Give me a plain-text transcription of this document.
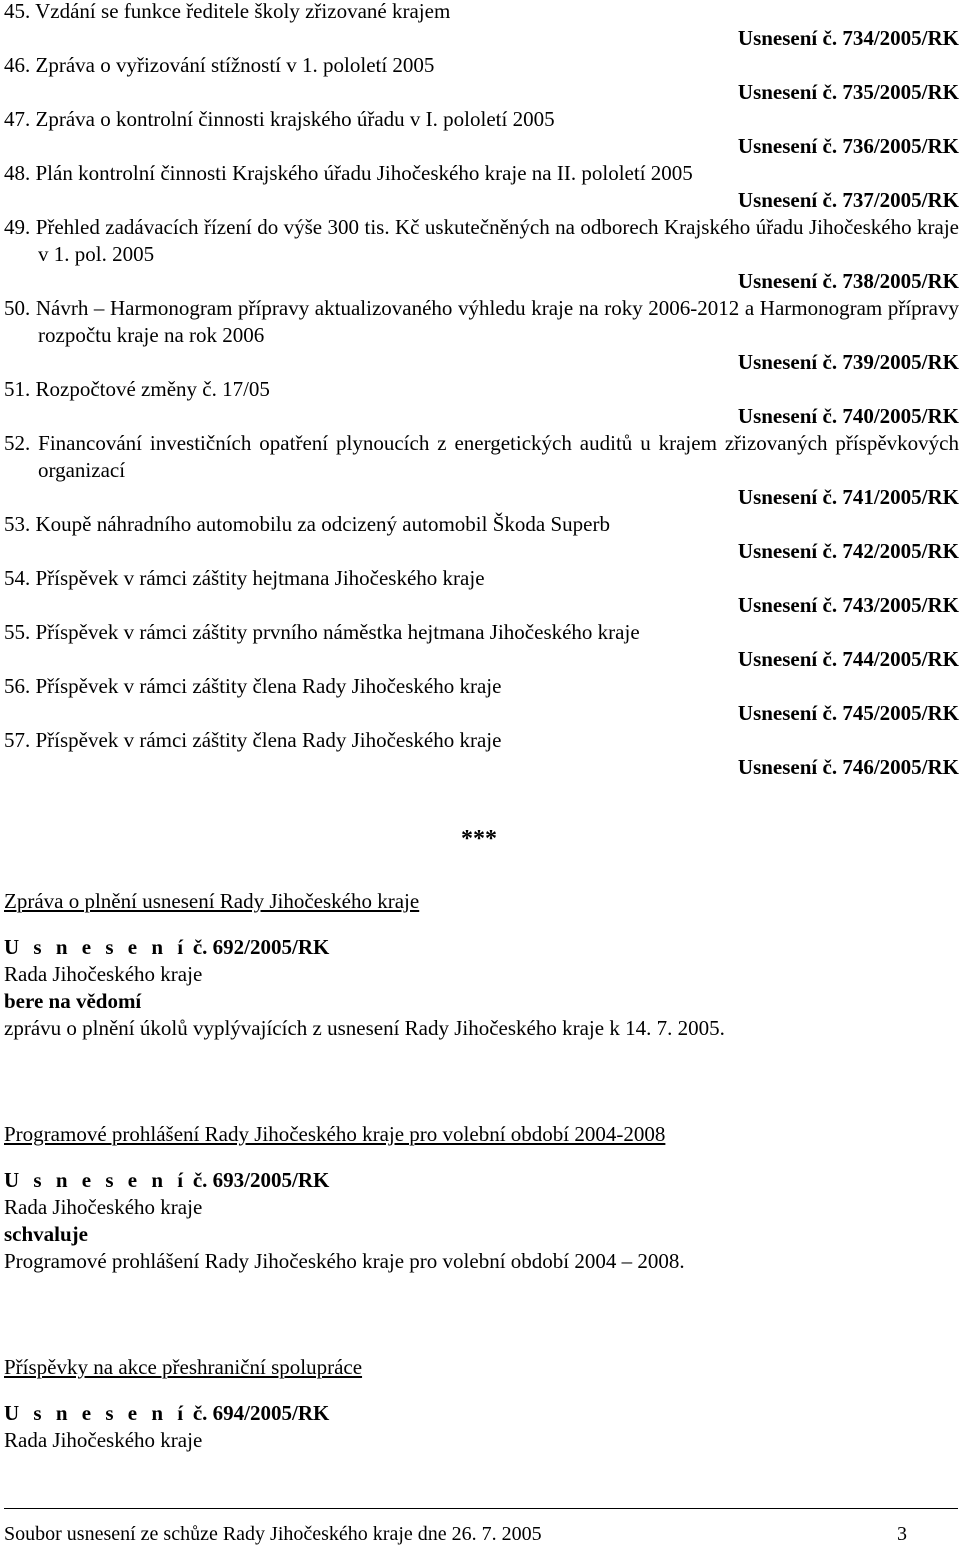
45. Vzdání se funkce ředitele školy zřizované krajem
Usnesení č. 734/2005/RK
46. Zpráva o vyřizování stížností v 1. pololetí 2005
Usnesení č. 735/2005/RK
47. Zpráva o kontrolní činnosti krajského úřadu v I. pololetí 2005
Usnesení č. 736/2005/RK
48. Plán kontrolní činnosti Krajského úřadu Jihočeského kraje na II. pololetí 2005
Usnesení č. 737/2005/RK
49. Přehled zadávacích řízení do výše 300 tis. Kč uskutečněných na odborech Krajského úřadu Jihočeského kraje v 1. pol. 2005
Usnesení č. 738/2005/RK
50. Návrh – Harmonogram přípravy aktualizovaného výhledu kraje na roky 2006-2012 a Harmonogram přípravy rozpočtu kraje na rok 2006
Usnesení č. 739/2005/RK
51. Rozpočtové změny č. 17/05
Usnesení č. 740/2005/RK
52. Financování investičních opatření plynoucích z energetických auditů u krajem zřizovaných příspěvkových organizací
Usnesení č. 741/2005/RK
53. Koupě náhradního automobilu za odcizený automobil Škoda Superb
Usnesení č. 742/2005/RK
54. Příspěvek v rámci záštity hejtmana Jihočeského kraje
Usnesení č. 743/2005/RK
55. Příspěvek v rámci záštity prvního náměstka hejtmana Jihočeského kraje
Usnesení č. 744/2005/RK
56. Příspěvek v rámci záštity člena Rady Jihočeského kraje
Usnesení č. 745/2005/RK
57. Příspěvek v rámci záštity člena Rady Jihočeského kraje
Usnesení č. 746/2005/RK
***

Zpráva o plnění usnesení Rady Jihočeského kraje

U s n e s e n í č. 692/2005/RK
Rada Jihočeského kraje
bere na vědomí
zprávu o plnění úkolů vyplývajících z usnesení Rady Jihočeského kraje k 14. 7. 2005.

Programové prohlášení Rady Jihočeského kraje pro volební období 2004-2008

U s n e s e n í č. 693/2005/RK
Rada Jihočeského kraje
schvaluje
Programové prohlášení Rady Jihočeského kraje pro volební období 2004 – 2008.

Příspěvky na akce přeshraniční spolupráce

U s n e s e n í č. 694/2005/RK
Rada Jihočeského kraje
Soubor usnesení ze schůze Rady Jihočeského kraje dne 26. 7. 2005	3
